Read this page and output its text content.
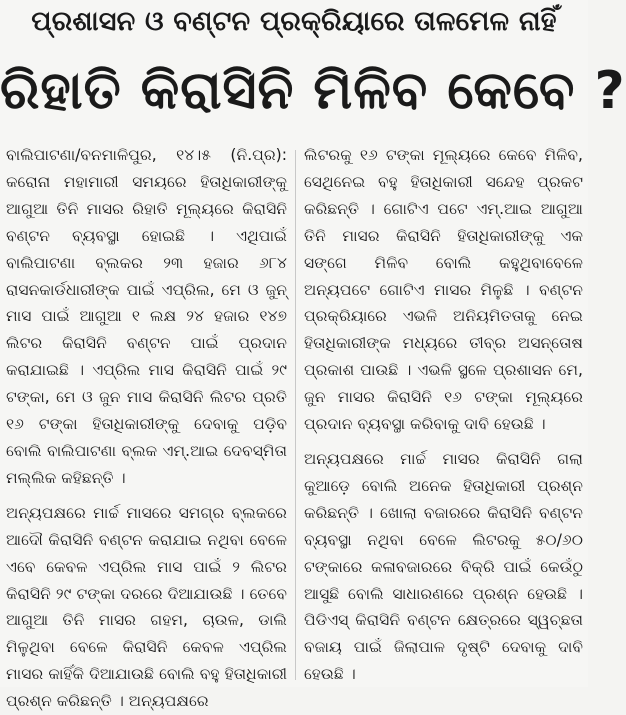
ପ୍ରଶାସନ ଓ ବଣ୍ଟନ ପ୍ରକ୍ରିୟାରେ ତାଳମେଳ ନାହିଁ
ରିହାତି କିରାସିନି ମିଳିବ କେବେ ?

ବାଲିପାଟଣା/ବନମାଳିପୁର, ୧୪।୫ (ନି.ପ୍ର): କରୋନା ମହାମାରୀ ସମୟରେ ହିତାଧିକାରୀଙ୍କୁ ଆଗୁଆ ତିନି ମାସର ରିହାତି ମୂଲ୍ୟରେ କିରାସିନି ବଣ୍ଟନ ବ୍ୟବସ୍ଥା ହୋଇଛି । ଏଥିପାଇଁ ବାଲିପାଟଣା ବ୍ଲକର ୨୩ ହଜାର ୬୮୪ ରାସନକାର୍ଡଧାରୀଙ୍କ ପାଇଁ ଏପ୍ରିଲ, ମେ ଓ ଜୁନ୍ ମାସ ପାଇଁ ଆଗୁଆ ୧ ଲକ୍ଷ ୨୪ ହଜାର ୧୪୭ ଲିଟର କିରାସିନି ବଣ୍ଟନ ପାଇଁ ପ୍ରଦାନ କରାଯାଇଛି । ଏପ୍ରିଲ ମାସ କିରାସିନି ପାଇଁ ୨୯ ଟଙ୍କା, ମେ ଓ ଜୁନ ମାସ କିରାସିନି ଲିଟର ପ୍ରତି ୧୬ ଟଙ୍କା ହିତାଧିକାରୀଙ୍କୁ ଦେବାକୁ ପଡ଼ିବ ବୋଲି ବାଲିପାଟଣା ବ୍ଲକ ଏମ୍.ଆଇ ଦେବସ୍ମିତା ମଲ୍ଲିକ କହିଛନ୍ତି ।

ଅନ୍ୟପକ୍ଷରେ ମାର୍ଚ୍ଚ ମାସରେ ସମଗ୍ର ବ୍ଲକରେ ଆଦୌ କିରାସିନି ବଣ୍ଟନ କରାଯାଇ ନଥିବା ବେଳେ ଏବେ କେବଳ ଏପ୍ରିଲ ମାସ ପାଇଁ ୨ ଲିଟର କିରାସିନି ୨୯ ଟଙ୍କା ଦରରେ ଦିଆଯାଉଛି । ତେବେ ଆଗୁଆ ତିନି ମାସର ଗହମ, ଚାଉଳ, ଡାଲି ମିଳୁଥିବା ବେଳେ କିରାସିନି କେବଳ ଏପ୍ରିଲ ମାସର କାହିଁକି ଦିଆଯାଉଛି ବୋଲି ବହୁ ହିତାଧିକାରୀ ପ୍ରଶ୍ନ କରିଛନ୍ତି । ଅନ୍ୟପକ୍ଷରେ

ଲିଟରକୁ ୧୬ ଟଙ୍କା ମୂଲ୍ୟରେ କେବେ ମିଳିବ, ସେଥିନେଇ ବହୁ ହିତାଧିକାରୀ ସନ୍ଦେହ ପ୍ରକଟ କରିଛନ୍ତି । ଗୋଟିଏ ପଟେ ଏମ୍.ଆଇ ଆଗୁଆ ତିନି ମାସର କିରାସିନି ହିତାଧିକାରୀଙ୍କୁ ଏକ ସଙ୍ଗେ ମିଳିବ ବୋଲି କହୁଥିବାବେଳେ ଅନ୍ୟପଟେ ଗୋଟିଏ ମାସର ମିଳୁଛି । ବଣ୍ଟନ ପ୍ରକ୍ରିୟାରେ ଏଭଳି ଅନିୟମିତତାକୁ ନେଇ ହିତାଧିକାରୀଙ୍କ ମଧ୍ୟରେ ତୀବ୍ର ଅସନ୍ତୋଷ ପ୍ରକାଶ ପାଉଛି । ଏଭଳି ସ୍ଥଳେ ପ୍ରଶାସନ ମେ, ଜୁନ ମାସର କିରାସିନି ୧୬ ଟଙ୍କା ମୂଲ୍ୟରେ ପ୍ରଦାନ ବ୍ୟବସ୍ଥା କରିବାକୁ ଦାବି ହେଉଛି ।

ଅନ୍ୟପକ୍ଷରେ ମାର୍ଚ୍ଚ ମାସର କିରାସିନି ଗଲା କୁଆଡ଼େ ବୋଲି ଅନେକ ହିତାଧିକାରୀ ପ୍ରଶ୍ନ କରିଛନ୍ତି । ଖୋଲା ବଜାରରେ କିରାସିନି ବଣ୍ଟନ ବ୍ୟବସ୍ଥା ନଥିବା ବେଳେ ଲିଟରକୁ ୫୦/୬୦ ଟଙ୍କାରେ କଳାବଜାରରେ ବିକ୍ରି ପାଇଁ କେଉଁଠୁ ଆସୁଛି ବୋଲି ସାଧାରଣରେ ପ୍ରଶ୍ନ ହେଉଛି । ପିଡିଏସ୍ କିରାସିନି ବଣ୍ଟନ କ୍ଷେତ୍ରରେ ସ୍ୱଚ୍ଛତା ବଜାୟ ପାଇଁ ଜିଲାପାଳ ଦୃଷ୍ଟି ଦେବାକୁ ଦାବି ହେଉଛି ।
